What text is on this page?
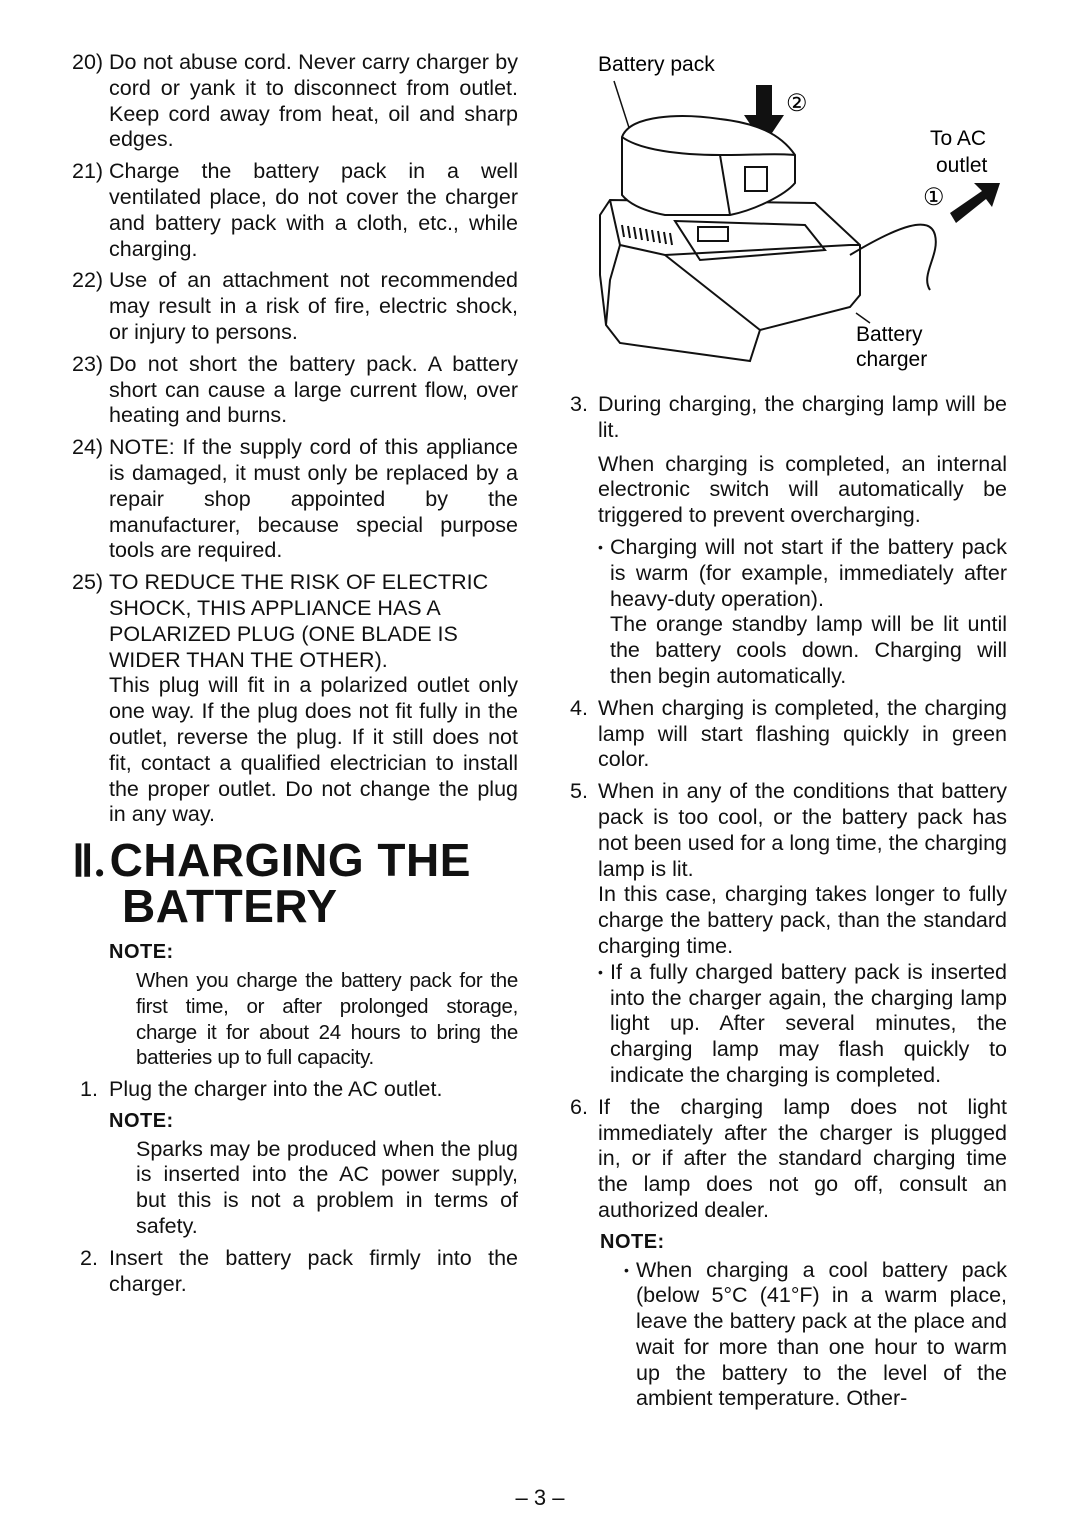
20) Do not abuse cord. Never carry charger by cord or yank it to disconnect from outlet. Keep cord away from heat, oil and sharp edges.
21) Charge the battery pack in a well ventilated place, do not cover the charger and battery pack with a cloth, etc., while charging.
22) Use of an attachment not recommended may result in a risk of fire, electric shock, or injury to persons.
23) Do not short the battery pack. A battery short can cause a large current flow, over heating and burns.
24) NOTE: If the supply cord of this appliance is damaged, it must only be replaced by a repair shop appointed by the manufacturer, because special purpose tools are required.
25) TO REDUCE THE RISK OF ELECTRIC SHOCK, THIS APPLIANCE HAS A POLARIZED PLUG (ONE BLADE IS WIDER THAN THE OTHER).
This plug will fit in a polarized outlet only one way. If the plug does not fit fully in the outlet, reverse the plug. If it still does not fit, contact a qualified electrician to install the proper outlet. Do not change the plug in any way.
Ⅱ. CHARGING THE
BATTERY
NOTE:
When you charge the battery pack for the first time, or after prolonged storage, charge it for about 24 hours to bring the batteries up to full capacity.
1. Plug the charger into the AC outlet.
NOTE:
Sparks may be produced when the plug is inserted into the AC power supply, but this is not a problem in terms of safety.
2. Insert the battery pack firmly into the charger.
Battery pack
②
To AC
outlet
①
Battery
charger
3. During charging, the charging lamp will be lit.
When charging is completed, an internal electronic switch will automatically be triggered to prevent overcharging.
• Charging will not start if the battery pack is warm (for example, immediately after heavy-duty operation).
The orange standby lamp will be lit until the battery cools down. Charging will then begin automatically.
4. When charging is completed, the charging lamp will start flashing quickly in green color.
5. When in any of the conditions that battery pack is too cool, or the battery pack has not been used for a long time, the charging lamp is lit.
In this case, charging takes longer to fully charge the battery pack, than the standard charging time.
• If a fully charged battery pack is inserted into the charger again, the charging lamp light up. After several minutes, the charging lamp may flash quickly to indicate the charging is completed.
6. If the charging lamp does not light immediately after the charger is plugged in, or if after the standard charging time the lamp does not go off, consult an authorized dealer.
NOTE:
• When charging a cool battery pack (below 5°C (41°F) in a warm place, leave the battery pack at the place and wait for more than one hour to warm up the battery to the level of the ambient temperature. Other-
– 3 –
